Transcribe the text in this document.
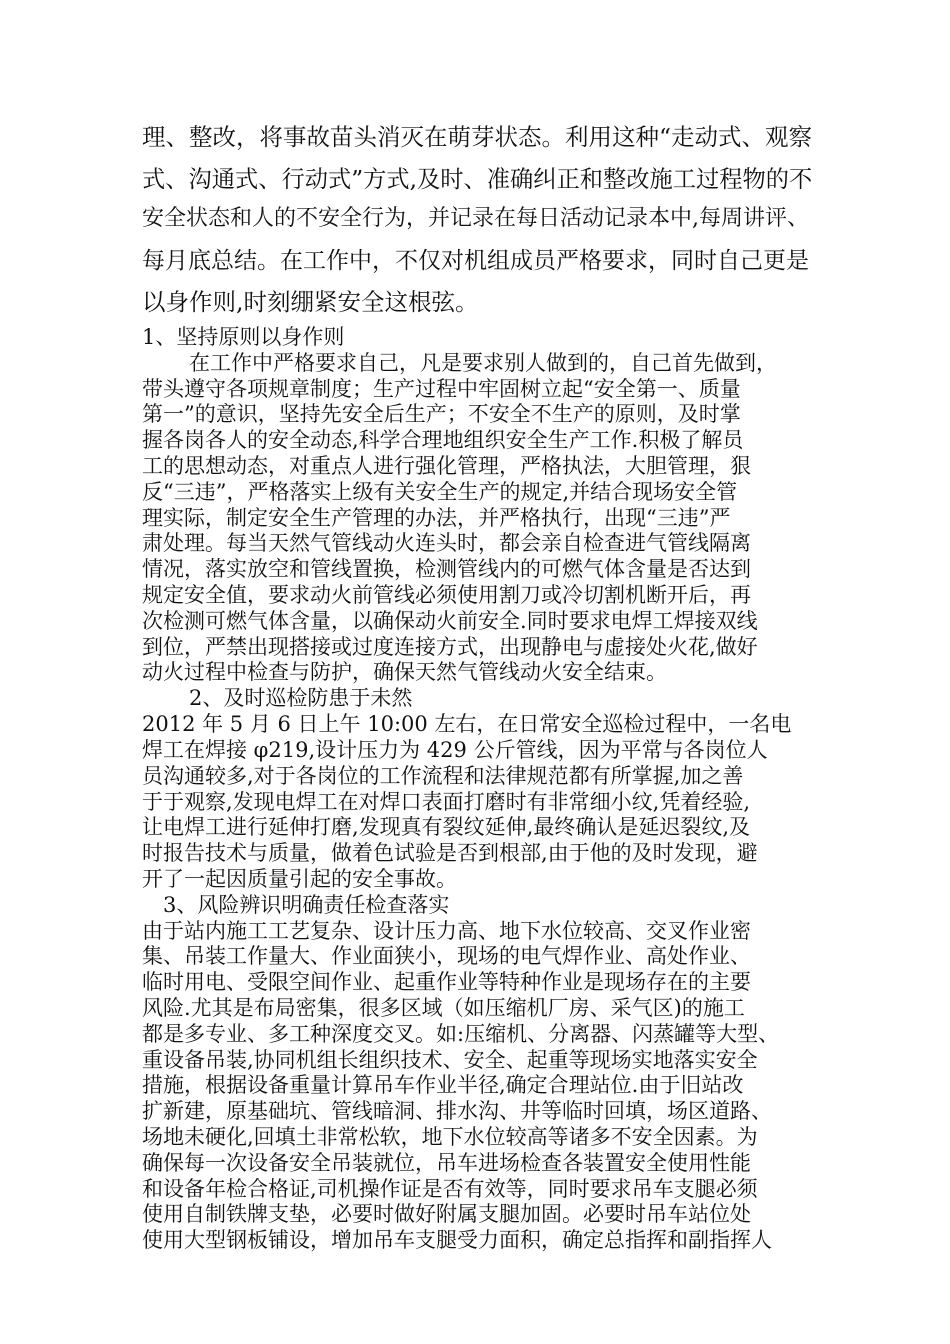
理、整改，将事故苗头消灭在萌芽状态。利用这种“走动式、观察
式、沟通式、行动式”方式,及时、准确纠正和整改施工过程物的不
安全状态和人的不安全行为，并记录在每日活动记录本中,每周讲评、
每月底总结。在工作中，不仅对机组成员严格要求，同时自己更是
以身作则,时刻绷紧安全这根弦。
1、坚持原则以身作则
在工作中严格要求自己，凡是要求别人做到的，自己首先做到，
带头遵守各项规章制度；生产过程中牢固树立起“安全第一、质量
第一”的意识，坚持先安全后生产；不安全不生产的原则，及时掌
握各岗各人的安全动态,科学合理地组织安全生产工作.积极了解员
工的思想动态，对重点人进行强化管理，严格执法，大胆管理，狠
反“三违”，严格落实上级有关安全生产的规定,并结合现场安全管
理实际，制定安全生产管理的办法，并严格执行，出现“三违”严
肃处理。每当天然气管线动火连头时，都会亲自检查进气管线隔离
情况，落实放空和管线置换，检测管线内的可燃气体含量是否达到
规定安全值，要求动火前管线必须使用割刀或冷切割机断开后，再
次检测可燃气体含量，以确保动火前安全.同时要求电焊工焊接双线
到位，严禁出现搭接或过度连接方式，出现静电与虚接处火花,做好
动火过程中检查与防护，确保天然气管线动火安全结束。
2、及时巡检防患于未然
2012 年 5 月 6 日上午 10:00 左右，在日常安全巡检过程中，一名电
焊工在焊接 φ219,设计压力为 429 公斤管线，因为平常与各岗位人
员沟通较多,对于各岗位的工作流程和法律规范都有所掌握,加之善
于于观察,发现电焊工在对焊口表面打磨时有非常细小纹,凭着经验,
让电焊工进行延伸打磨,发现真有裂纹延伸,最终确认是延迟裂纹,及
时报告技术与质量，做着色试验是否到根部,由于他的及时发现，避
开了一起因质量引起的安全事故。
3、风险辨识明确责任检查落实
由于站内施工工艺复杂、设计压力高、地下水位较高、交叉作业密
集、吊装工作量大、作业面狭小，现场的电气焊作业、高处作业、
临时用电、受限空间作业、起重作业等特种作业是现场存在的主要
风险.尤其是布局密集，很多区域（如压缩机厂房、采气区)的施工
都是多专业、多工种深度交叉。如:压缩机、分离器、闪蒸罐等大型、
重设备吊装,协同机组长组织技术、安全、起重等现场实地落实安全
措施，根据设备重量计算吊车作业半径,确定合理站位.由于旧站改
扩新建，原基础坑、管线暗洞、排水沟、井等临时回填，场区道路、
场地未硬化,回填土非常松软，地下水位较高等诸多不安全因素。为
确保每一次设备安全吊装就位，吊车进场检查各装置安全使用性能
和设备年检合格证,司机操作证是否有效等，同时要求吊车支腿必须
使用自制铁牌支垫，必要时做好附属支腿加固。必要时吊车站位处
使用大型钢板铺设，增加吊车支腿受力面积，确定总指挥和副指挥人
